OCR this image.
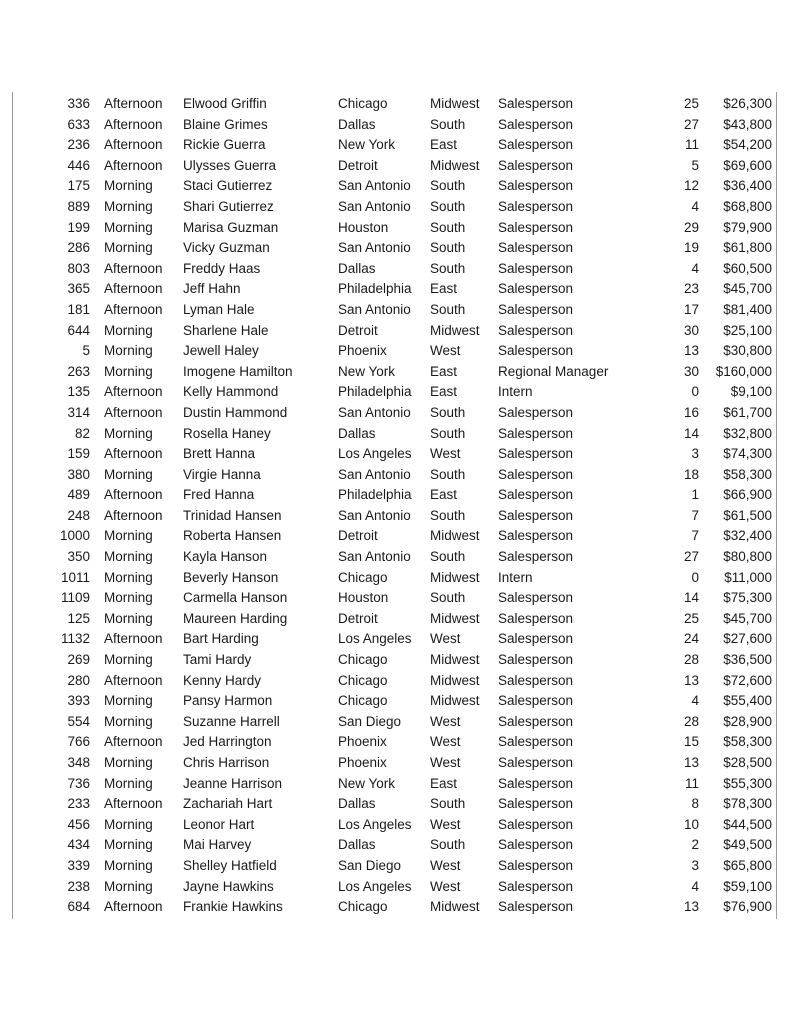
336 Afternoon	Elwood Griffin	Chicago	Midwest	Salesperson	25	$26,300
633 Afternoon	Blaine Grimes	Dallas	South	Salesperson	27	$43,800
236 Afternoon	Rickie Guerra	New York	East	Salesperson	11	$54,200
446 Afternoon	Ulysses Guerra	Detroit	Midwest	Salesperson	5	$69,600
175 Morning	Staci Gutierrez	San Antonio	South	Salesperson	12	$36,400
889 Morning	Shari Gutierrez	San Antonio	South	Salesperson	4	$68,800
199 Morning	Marisa Guzman	Houston	South	Salesperson	29	$79,900
286 Morning	Vicky Guzman	San Antonio	South	Salesperson	19	$61,800
803 Afternoon	Freddy Haas	Dallas	South	Salesperson	4	$60,500
365 Afternoon	Jeff Hahn	Philadelphia	East	Salesperson	23	$45,700
181 Afternoon	Lyman Hale	San Antonio	South	Salesperson	17	$81,400
644 Morning	Sharlene Hale	Detroit	Midwest	Salesperson	30	$25,100
5 Morning	Jewell Haley	Phoenix	West	Salesperson	13	$30,800
263 Morning	Imogene Hamilton	New York	East	Regional Manager	30	$160,000
135 Afternoon	Kelly Hammond	Philadelphia	East	Intern	0	$9,100
314 Afternoon	Dustin Hammond	San Antonio	South	Salesperson	16	$61,700
82 Morning	Rosella Haney	Dallas	South	Salesperson	14	$32,800
159 Afternoon	Brett Hanna	Los Angeles	West	Salesperson	3	$74,300
380 Morning	Virgie Hanna	San Antonio	South	Salesperson	18	$58,300
489 Afternoon	Fred Hanna	Philadelphia	East	Salesperson	1	$66,900
248 Afternoon	Trinidad Hansen	San Antonio	South	Salesperson	7	$61,500
1000 Morning	Roberta Hansen	Detroit	Midwest	Salesperson	7	$32,400
350 Morning	Kayla Hanson	San Antonio	South	Salesperson	27	$80,800
1011 Morning	Beverly Hanson	Chicago	Midwest	Intern	0	$11,000
1109 Morning	Carmella Hanson	Houston	South	Salesperson	14	$75,300
125 Morning	Maureen Harding	Detroit	Midwest	Salesperson	25	$45,700
1132 Afternoon	Bart Harding	Los Angeles	West	Salesperson	24	$27,600
269 Morning	Tami Hardy	Chicago	Midwest	Salesperson	28	$36,500
280 Afternoon	Kenny Hardy	Chicago	Midwest	Salesperson	13	$72,600
393 Morning	Pansy Harmon	Chicago	Midwest	Salesperson	4	$55,400
554 Morning	Suzanne Harrell	San Diego	West	Salesperson	28	$28,900
766 Afternoon	Jed Harrington	Phoenix	West	Salesperson	15	$58,300
348 Morning	Chris Harrison	Phoenix	West	Salesperson	13	$28,500
736 Morning	Jeanne Harrison	New York	East	Salesperson	11	$55,300
233 Afternoon	Zachariah Hart	Dallas	South	Salesperson	8	$78,300
456 Morning	Leonor Hart	Los Angeles	West	Salesperson	10	$44,500
434 Morning	Mai Harvey	Dallas	South	Salesperson	2	$49,500
339 Morning	Shelley Hatfield	San Diego	West	Salesperson	3	$65,800
238 Morning	Jayne Hawkins	Los Angeles	West	Salesperson	4	$59,100
684 Afternoon	Frankie Hawkins	Chicago	Midwest	Salesperson	13	$76,900
